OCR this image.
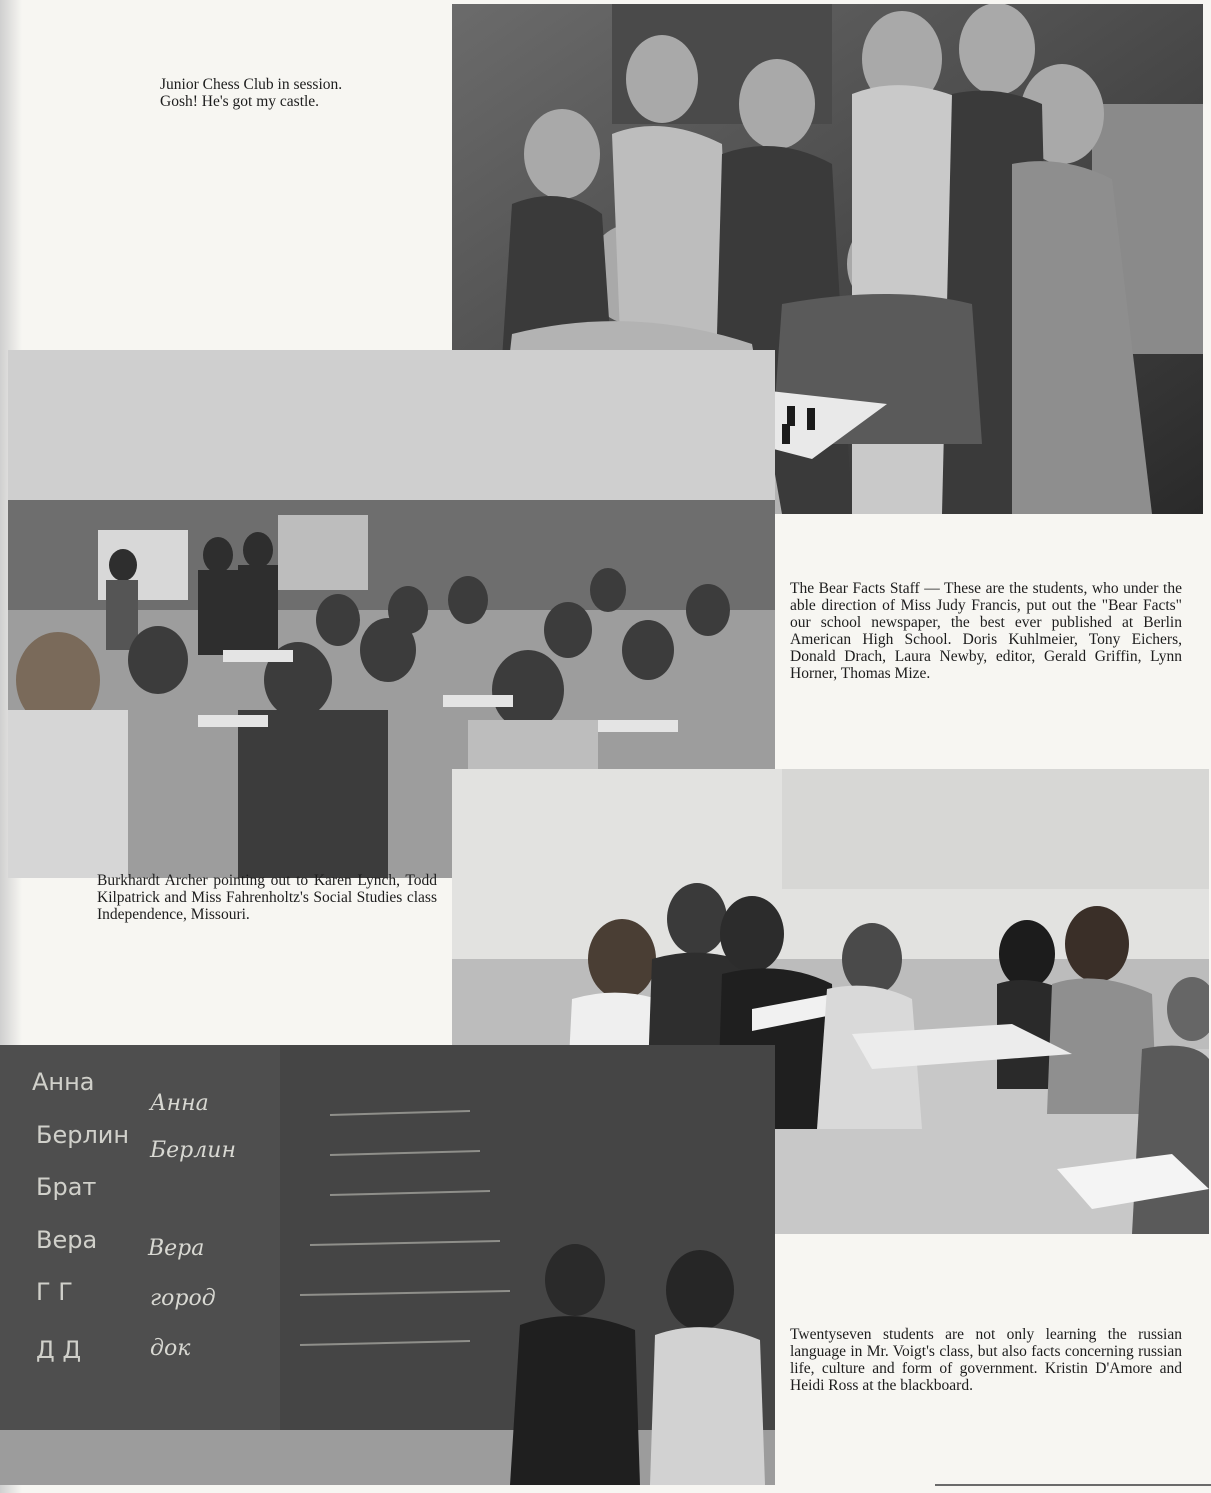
Junior Chess Club in session.

Gosh! He's got my castle.

The Bear Facts Staff — These are the students, who under the able direction of Miss Judy Francis, put out the "Bear Facts" our school newspaper, the best ever published at Berlin American High School. Doris Kuhlmeier, Tony Eichers, Donald Drach, Laura Newby, editor, Gerald Griffin, Lynn Horner, Thomas Mize.

Burkhardt Archer pointing out to Karen Lynch, Todd Kilpatrick and Miss Fahrenholtz's Social Studies class Independence, Missouri.

Анна
Берлин
Брат
Вера
Г Г
Д Д
Анна
Берлин
Вера
город
док

Twentyseven students are not only learning the russian language in Mr. Voigt's class, but also facts concerning russian life, culture and form of government. Kristin D'Amore and Heidi Ross at the blackboard.
